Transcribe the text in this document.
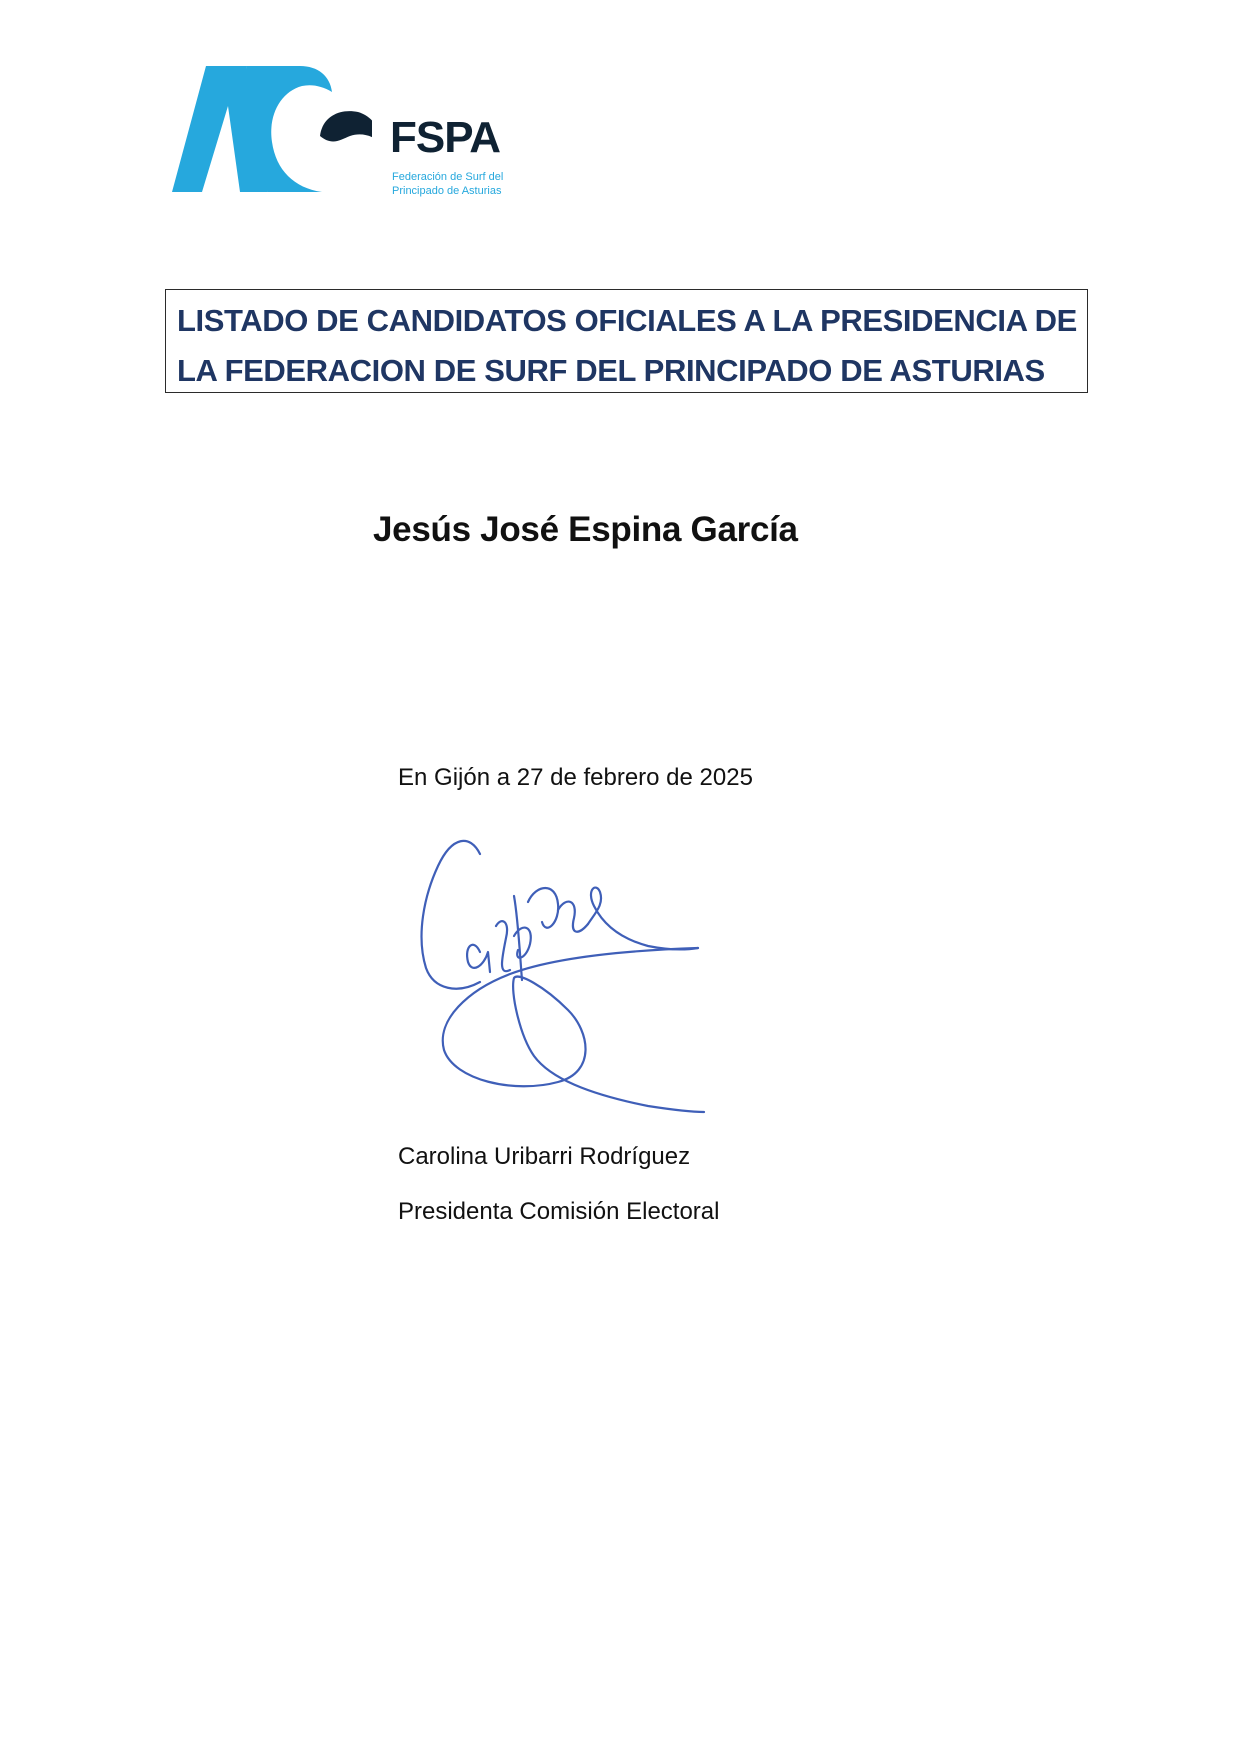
FSPA
Federación de Surf del
Principado de Asturias
LISTADO DE CANDIDATOS OFICIALES A LA PRESIDENCIA DE
LA FEDERACION DE SURF DEL PRINCIPADO DE ASTURIAS
Jesús José Espina García
En Gijón a 27 de febrero de 2025
Carolina Uribarri Rodríguez
Presidenta Comisión Electoral
